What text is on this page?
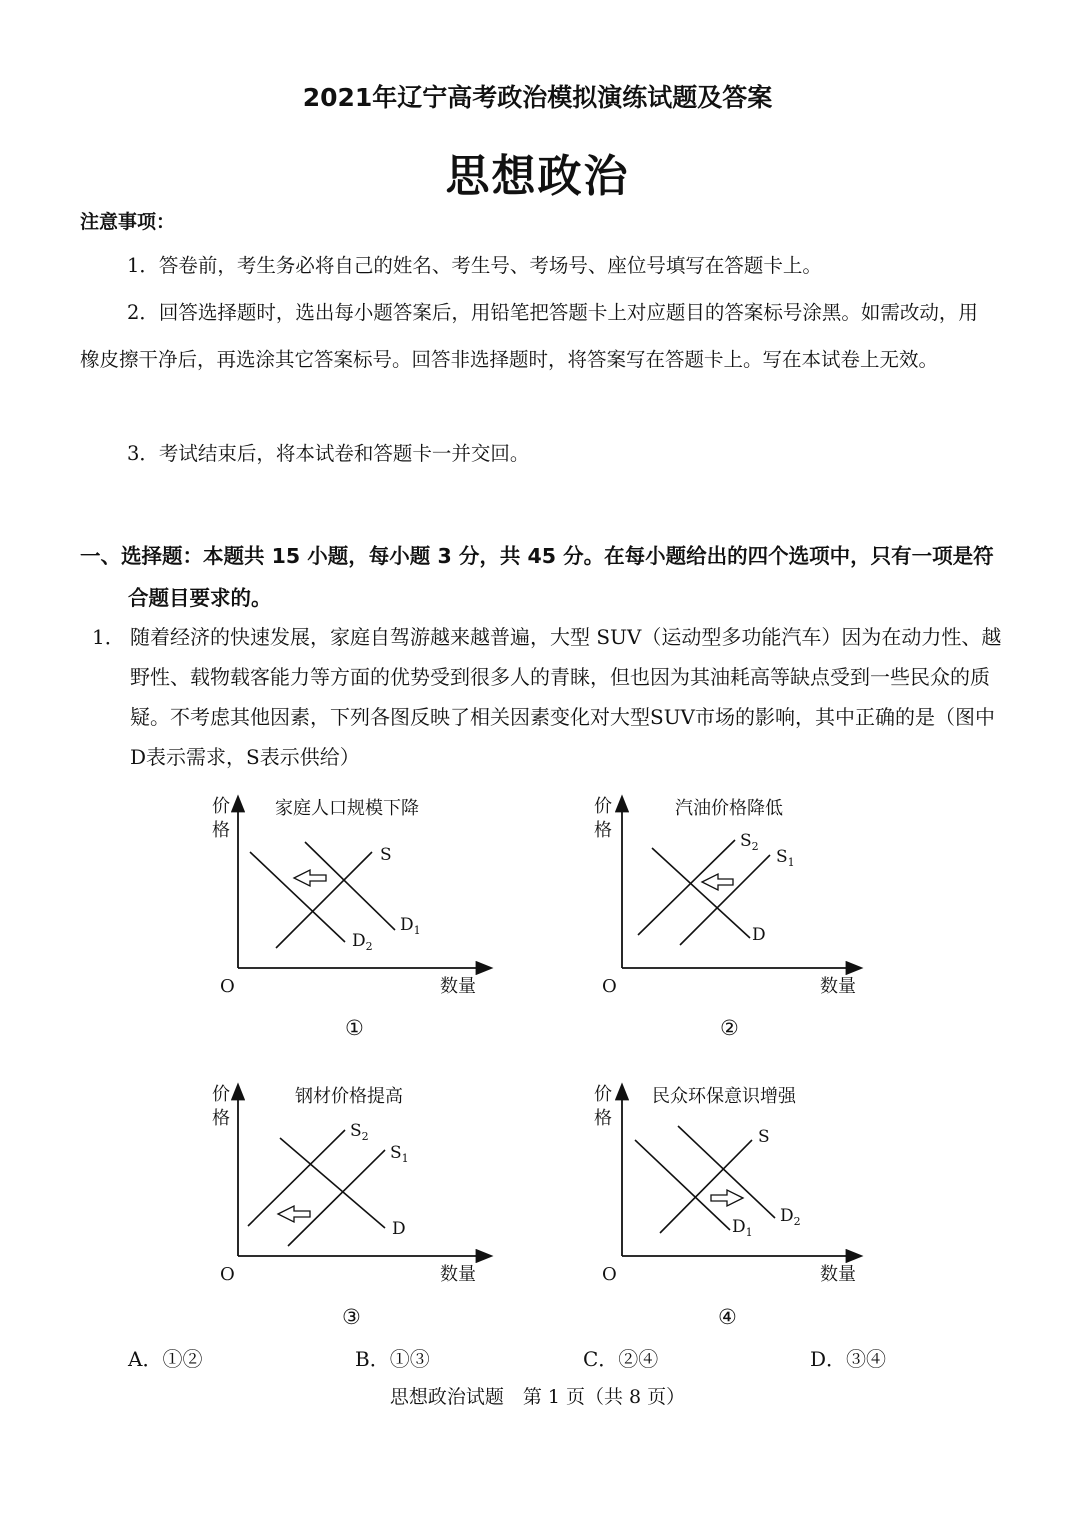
2021年辽宁高考政治模拟演练试题及答案
思想政治
注意事项：
1．答卷前，考生务必将自己的姓名、考生号、考场号、座位号填写在答题卡上。
2．回答选择题时，选出每小题答案后，用铅笔把答题卡上对应题目的答案标号涂黑。如需改动，用橡皮擦干净后，再选涂其它答案标号。回答非选择题时，将答案写在答题卡上。写在本试卷上无效。
3．考试结束后，将本试卷和答题卡一并交回。
一、选择题：本题共 15 小题，每小题 3 分，共 45 分。在每小题给出的四个选项中，只有一项是符合题目要求的。
1． 随着经济的快速发展，家庭自驾游越来越普遍，大型 SUV（运动型多功能汽车）因为在动力性、越野性、载物载客能力等方面的优势受到很多人的青睐，但也因为其油耗高等缺点受到一些民众的质疑。不考虑其他因素，下列各图反映了相关因素变化对大型SUV市场的影响，其中正确的是（图中D表示需求，S表示供给）
价
格
家庭人口规模下降
O	数量
S
$D_1$
$D_2$
①
价
格
汽油价格降低
O	数量
$S_2$
$S_1$
D
②
价
格
钢材价格提高
O	数量
$S_2$
$S_1$
D
③
价
格
民众环保意识增强
O	数量
S
$D_2$
$D_1$
④
A．①②	B．①③	C．②④	D．③④
思想政治试题　第 1 页（共 8 页）
